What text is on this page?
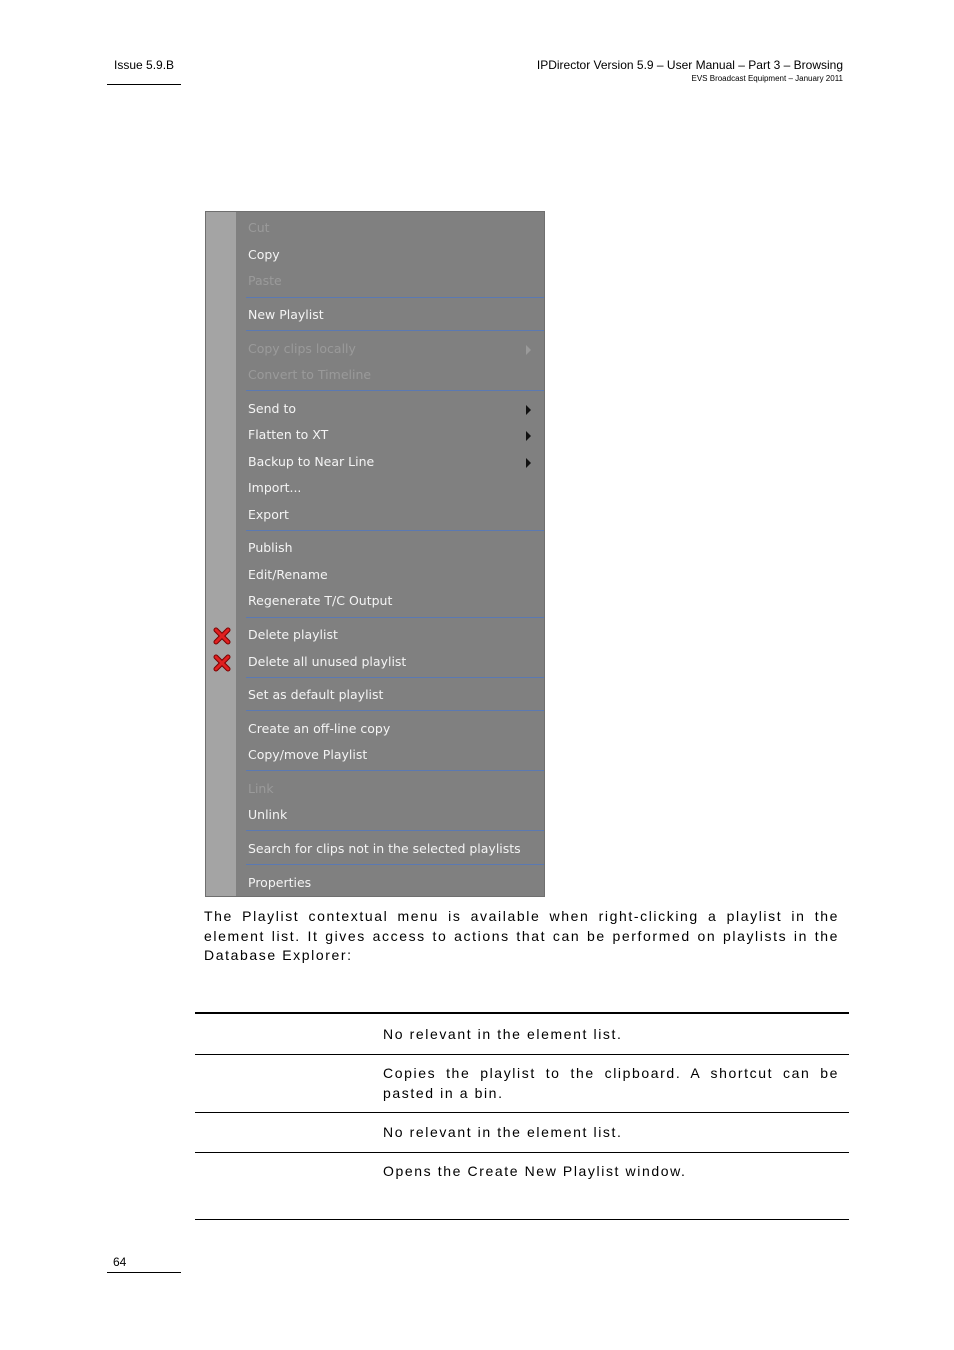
Issue 5.9.B	IPDirector Version 5.9 – User Manual – Part 3 – Browsing
EVS Broadcast Equipment – January 2011
Cut
Copy
Paste
New Playlist
Copy clips locally
Convert to Timeline
Send to
Flatten to XT
Backup to Near Line
Import...
Export
Publish
Edit/Rename
Regenerate T/C Output
Delete playlist
Delete all unused playlist
Set as default playlist
Create an off-line copy
Copy/move Playlist
Link
Unlink
Search for clips not in the selected playlists
Properties
The Playlist contextual menu is available when right-clicking a playlist in the element list. It gives access to actions that can be performed on playlists in the Database Explorer:
No relevant in the element list.
Copies the playlist to the clipboard. A shortcut can be pasted in a bin.
No relevant in the element list.
Opens the Create New Playlist window.
64
